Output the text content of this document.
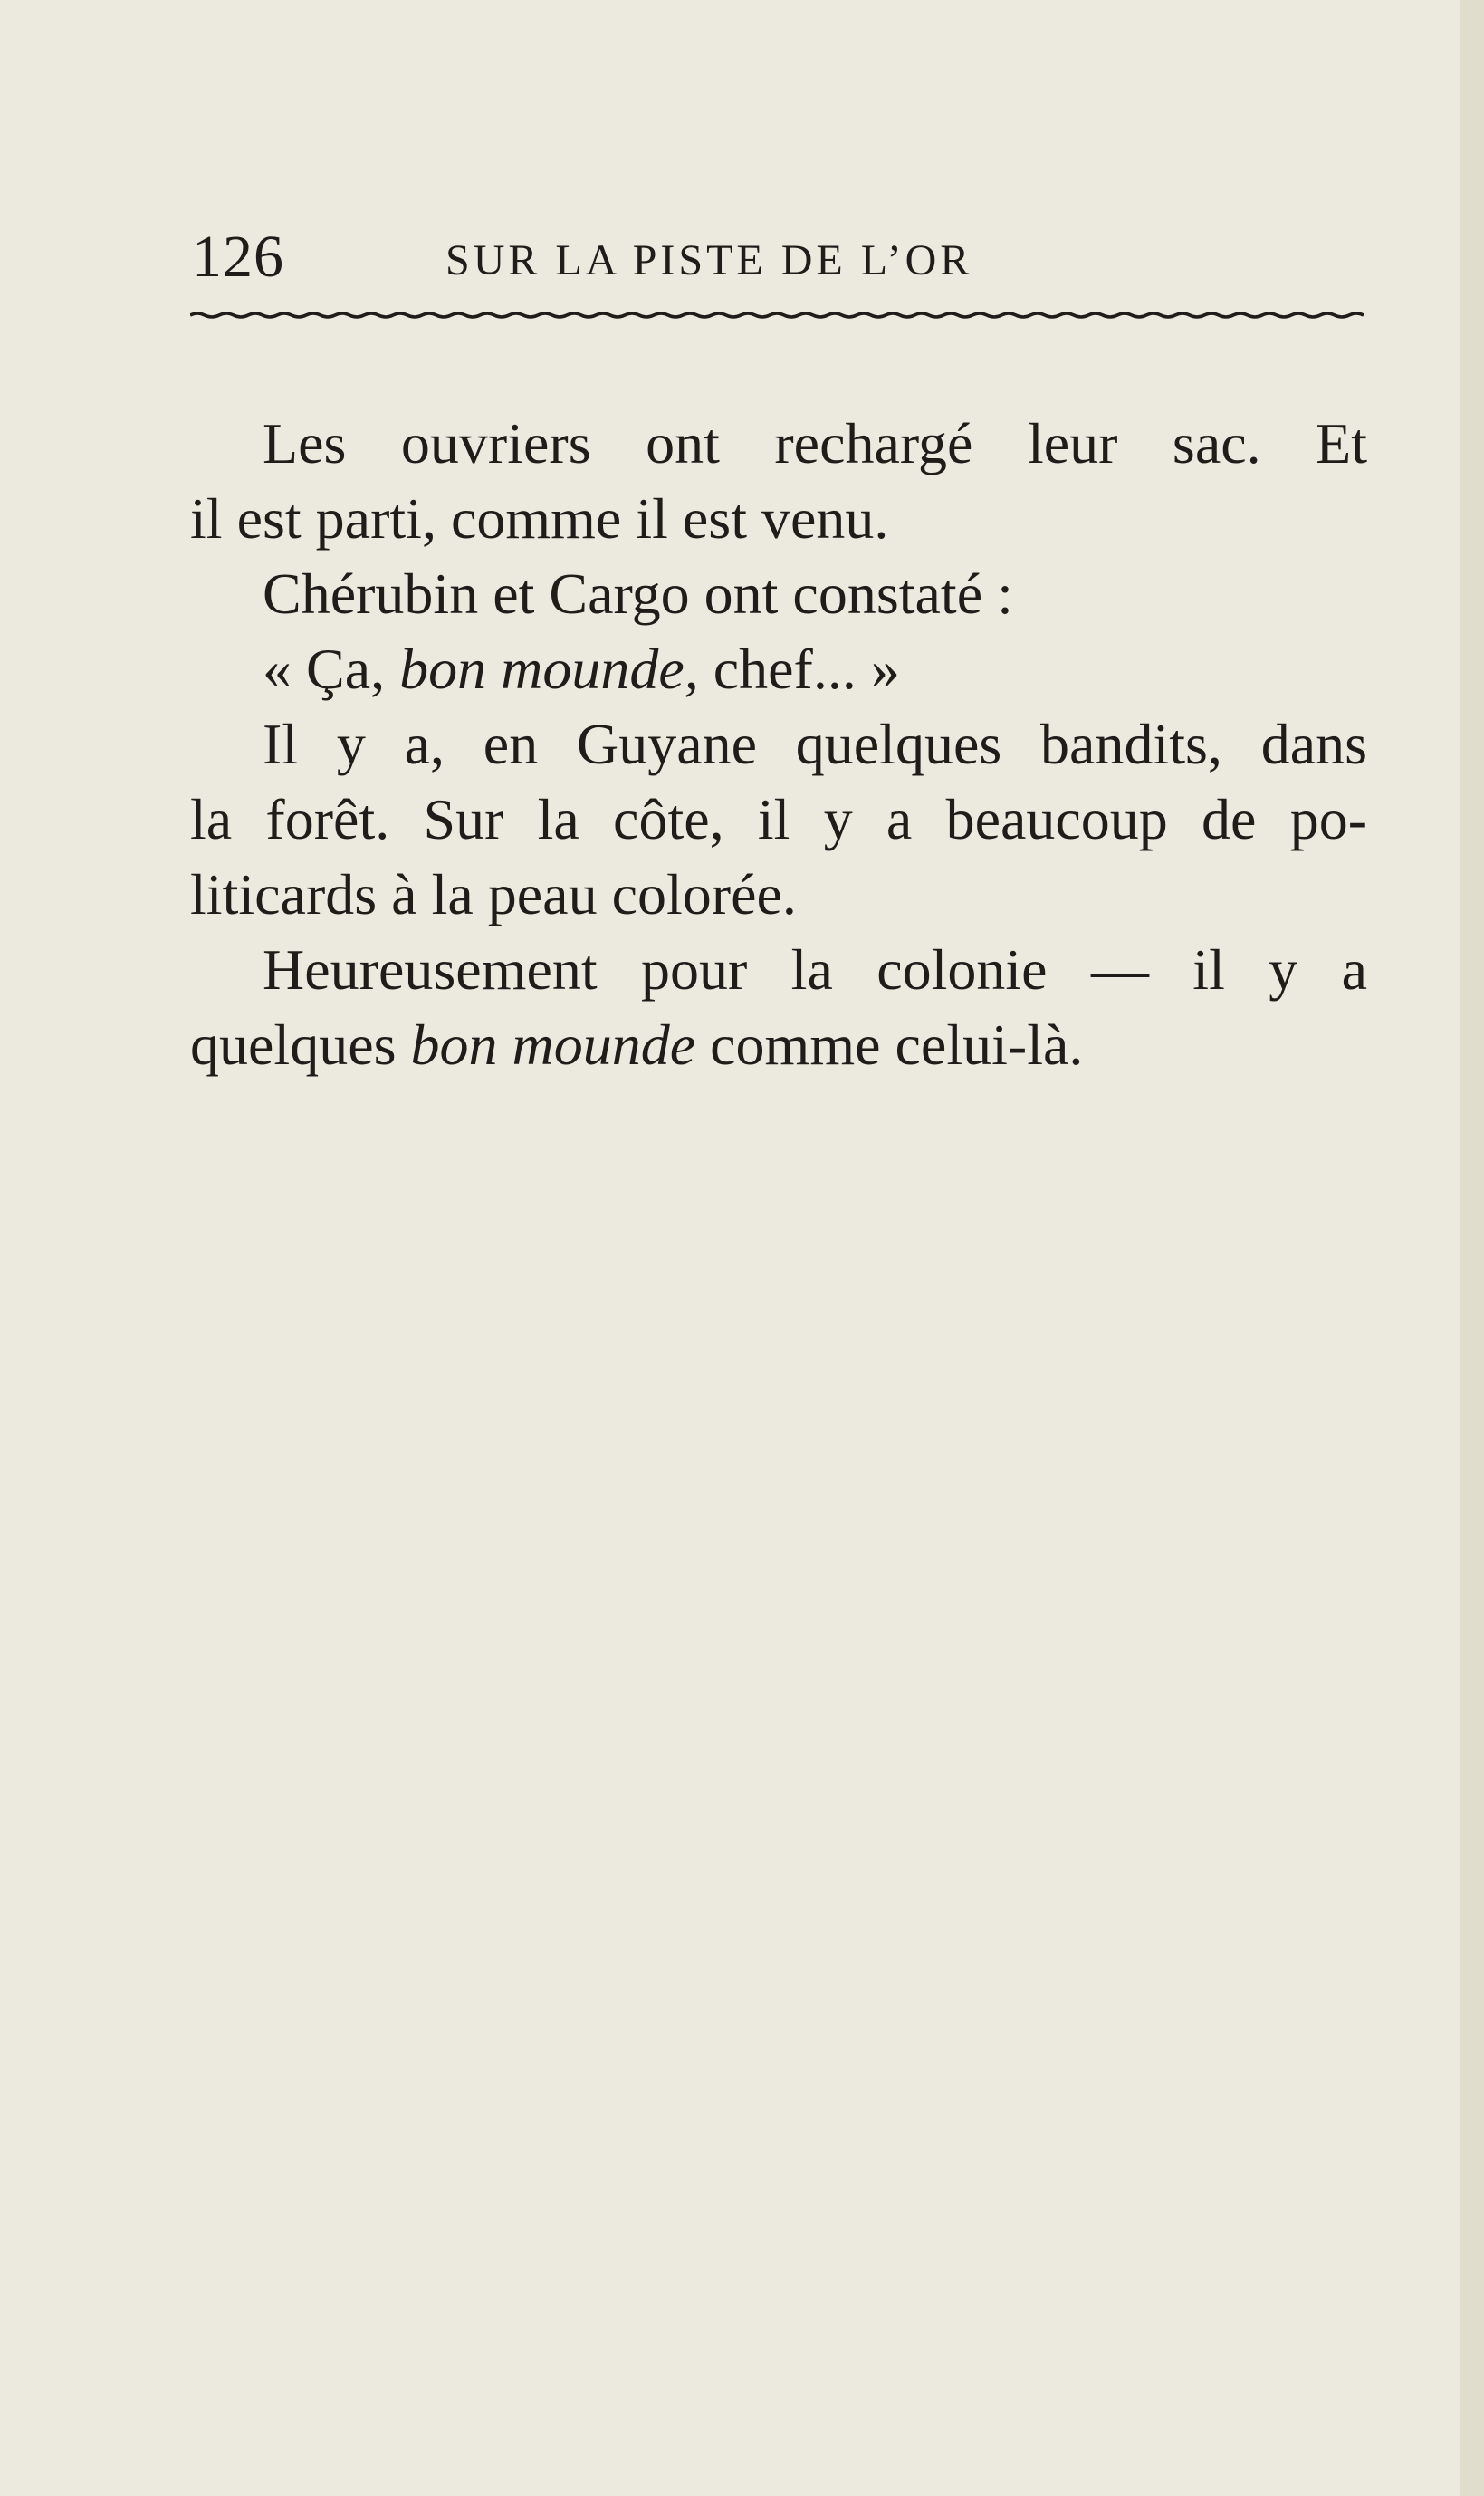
126	SUR LA PISTE DE L’OR
Les ouvriers ont rechargé leur sac. Et
il est parti, comme il est venu.
Chérubin et Cargo ont constaté :
« Ça, bon mounde, chef... »
Il y a, en Guyane quelques bandits, dans
la forêt. Sur la côte, il y a beaucoup de po-
liticards à la peau colorée.
Heureusement pour la colonie — il y a
quelques bon mounde comme celui-là.
